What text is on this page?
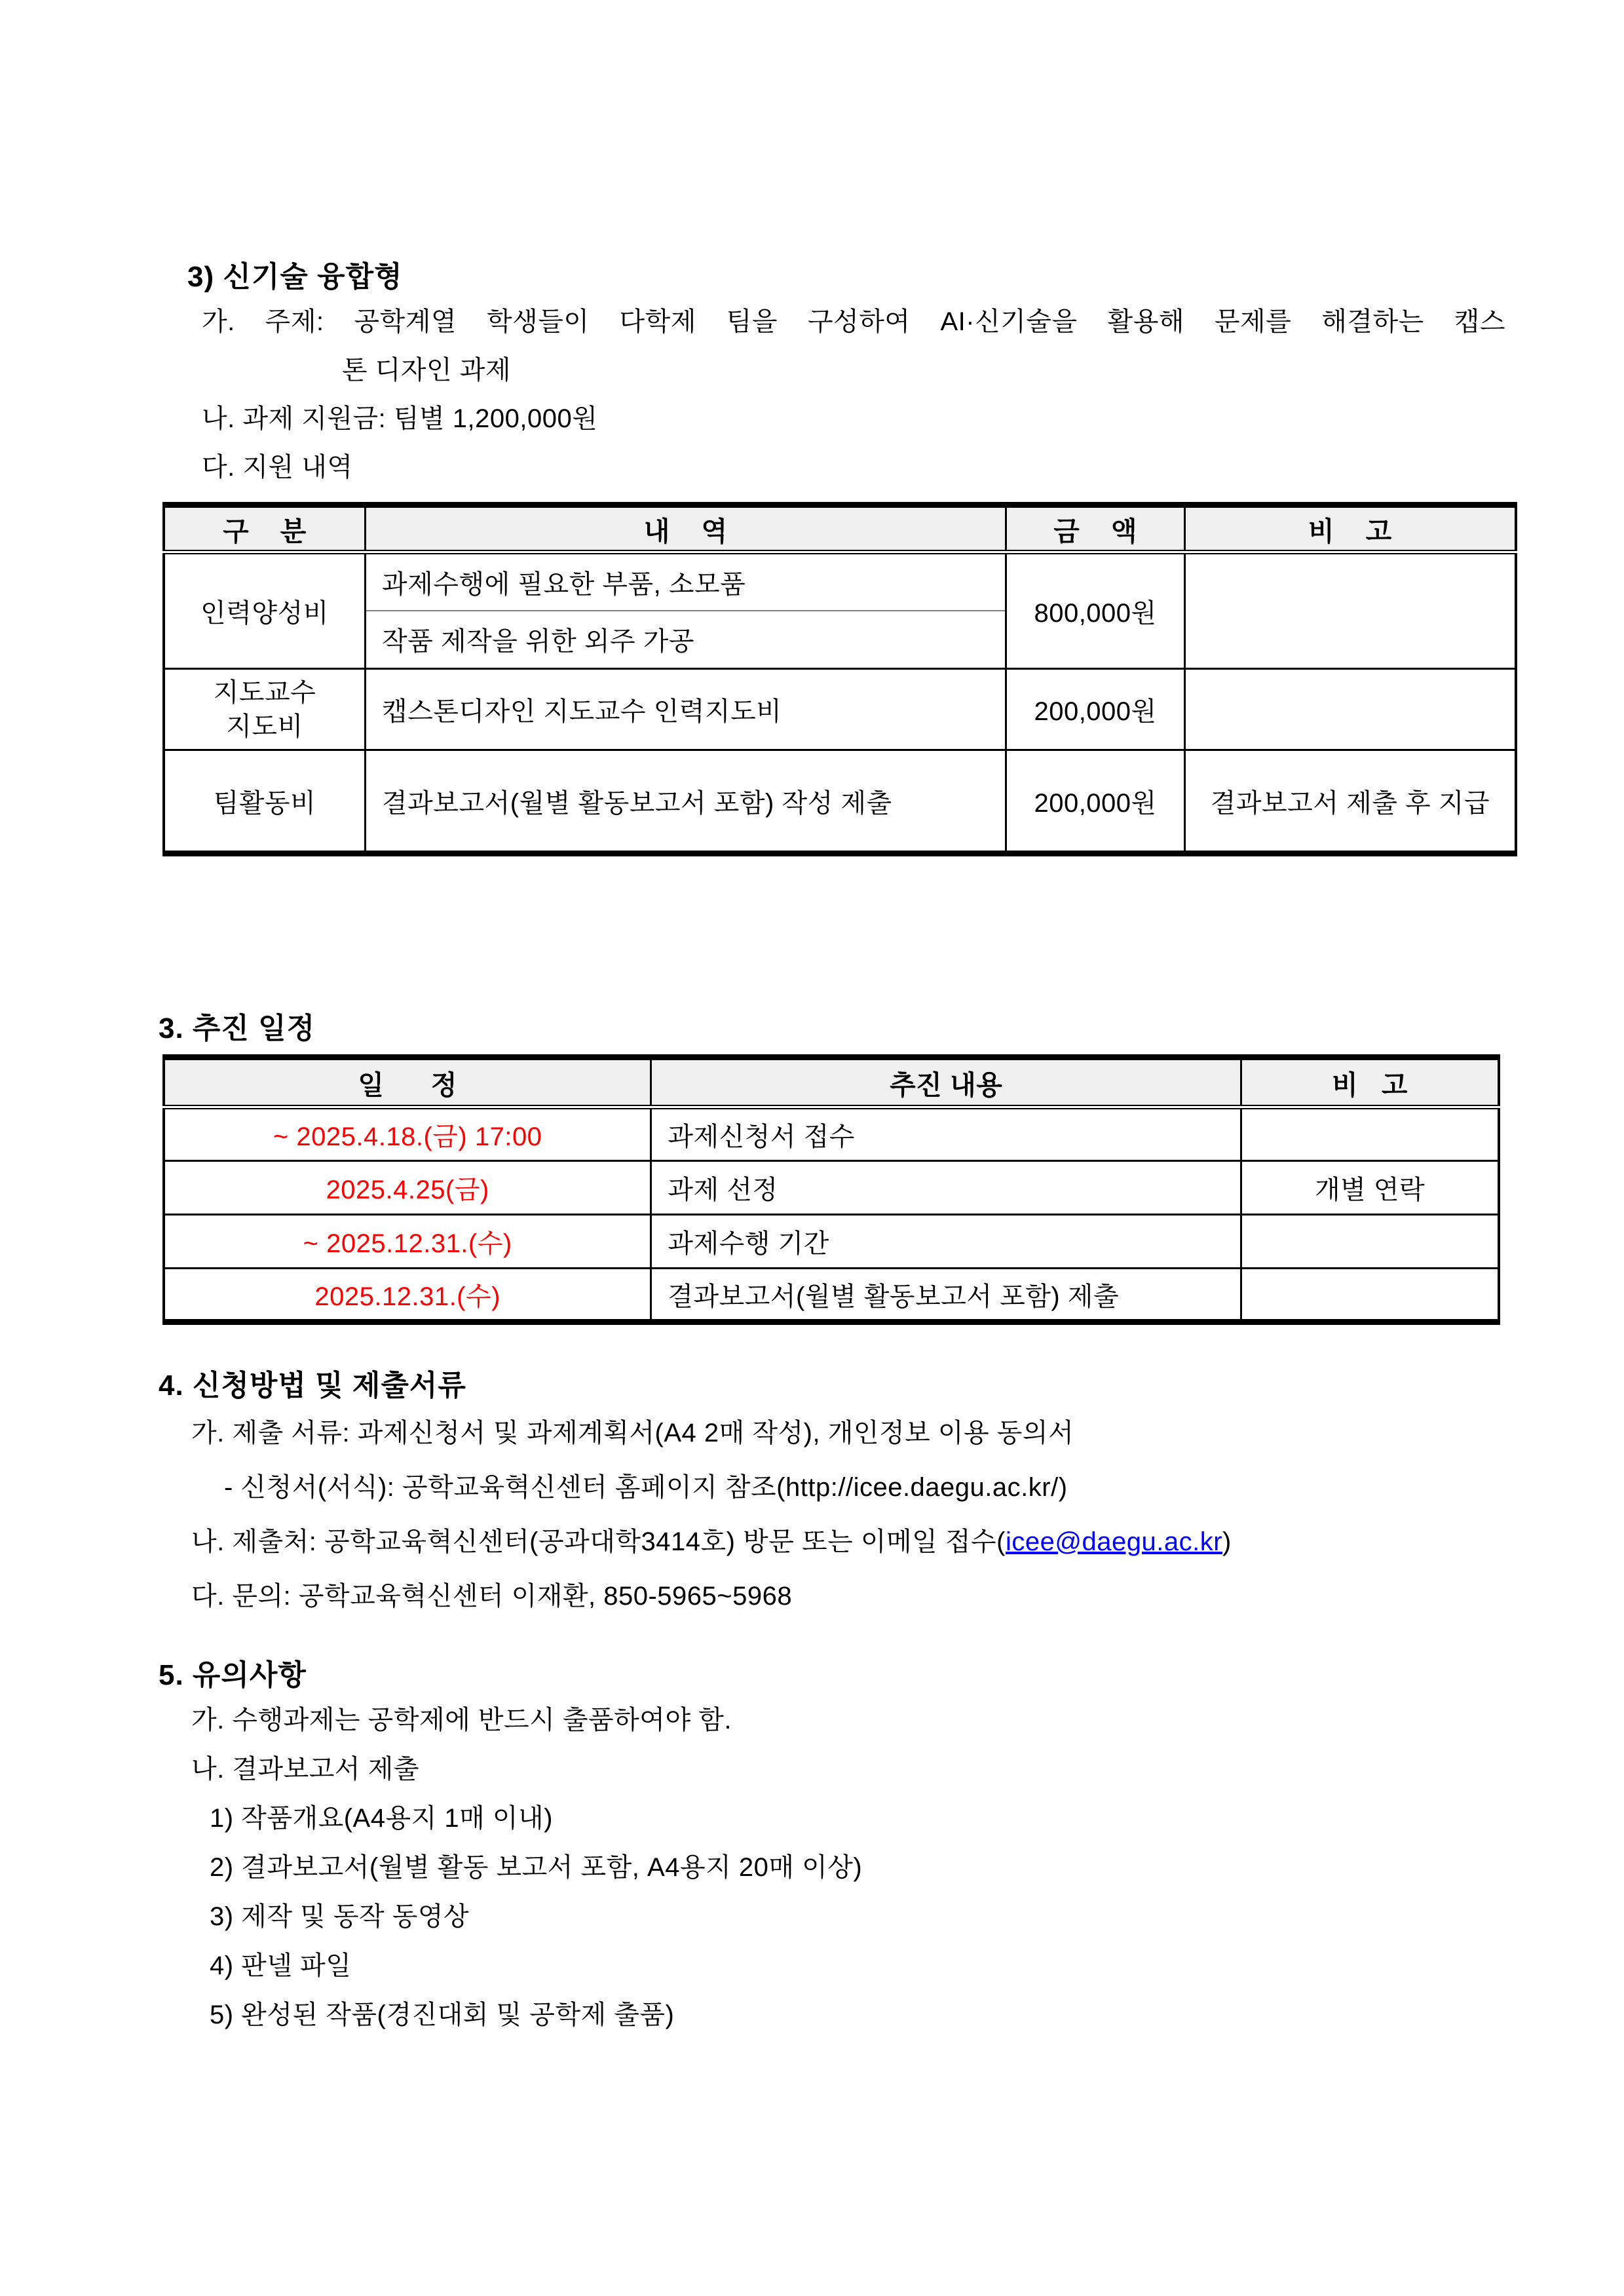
3) 신기술 융합형
가. 주제: 공학계열 학생들이 다학제 팀을 구성하여 AI·신기술을 활용해 문제를 해결하는 캡스
톤 디자인 과제
나. 과제 지원금: 팀별 1,200,000원
다. 지원 내역
구    분	내    역	금    액	비    고
인력양성비	과제수행에 필요한 부품, 소모품	800,000원	
	작품 제작을 위한 외주 가공		

지도교수
지도비	캡스톤디자인 지도교수 인력지도비	200,000원	
팀활동비	결과보고서(월별 활동보고서 포함) 작성 제출	200,000원	결과보고서 제출 후 지급
3. 추진 일정
일      정	추진 내용	비   고
~ 2025.4.18.(금) 17:00	과제신청서 접수	
2025.4.25(금)	과제 선정	개별 연락
~ 2025.12.31.(수)	과제수행 기간	
2025.12.31.(수)	결과보고서(월별 활동보고서 포함) 제출	
4. 신청방법 및 제출서류
가. 제출 서류: 과제신청서 및 과제계획서(A4 2매 작성), 개인정보 이용 동의서
- 신청서(서식): 공학교육혁신센터 홈페이지 참조(http://icee.daegu.ac.kr/)
나. 제출처: 공학교육혁신센터(공과대학3414호) 방문 또는 이메일 접수(icee@daegu.ac.kr)
다. 문의: 공학교육혁신센터 이재환, 850-5965~5968
5. 유의사항
가. 수행과제는 공학제에 반드시 출품하여야 함.
나. 결과보고서 제출
1) 작품개요(A4용지 1매 이내)
2) 결과보고서(월별 활동 보고서 포함, A4용지 20매 이상)
3) 제작 및 동작 동영상
4) 판넬 파일
5) 완성된 작품(경진대회 및 공학제 출품)
